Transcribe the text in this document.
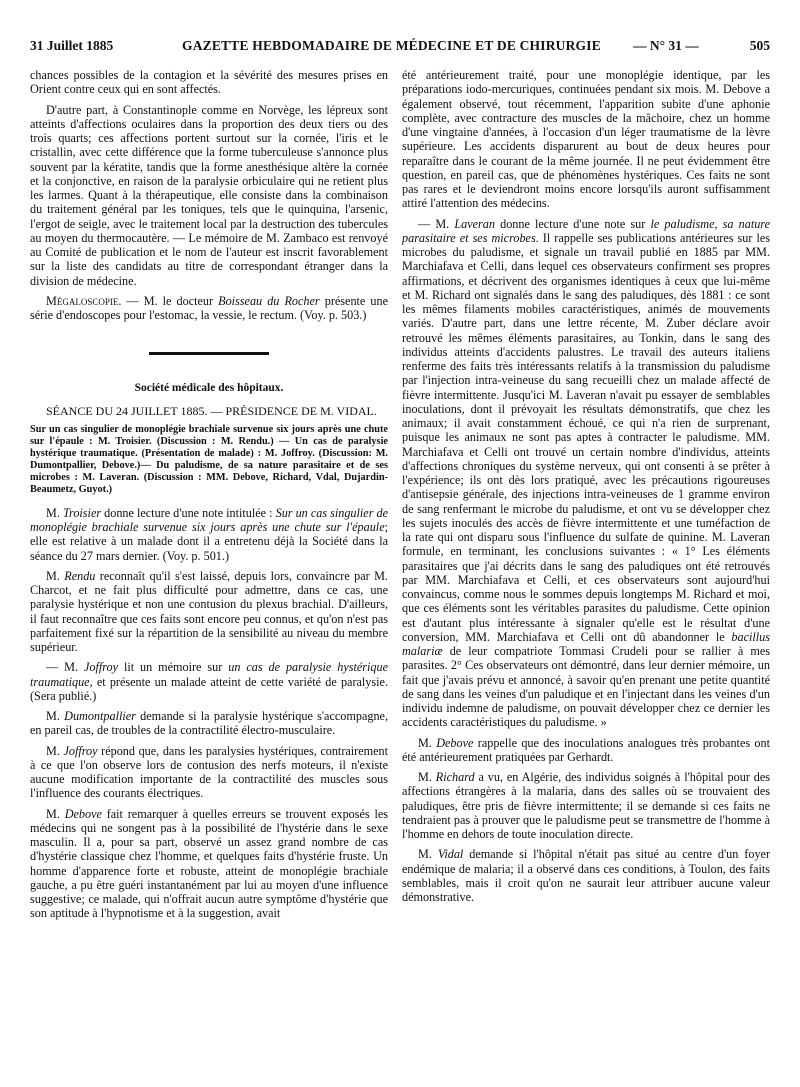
31 Juillet 1885	GAZETTE HEBDOMADAIRE DE MÉDECINE ET DE CHIRURGIE — N° 31 —	505

chances possibles de la contagion et la sévérité des mesures prises en Orient contre ceux qui en sont affectés.

D'autre part, à Constantinople comme en Norvège, les lépreux sont atteints d'affections oculaires dans la proportion des deux tiers ou des trois quarts; ces affections portent surtout sur la cornée, l'iris et le cristallin, avec cette différence que la forme tuberculeuse s'annonce plus souvent par la kératite, tandis que la forme anesthésique altère la cornée et la conjonctive, en raison de la paralysie orbiculaire qui ne retient plus les larmes. Quant à la thérapeutique, elle consiste dans la combinaison du traitement général par les toniques, tels que le quinquina, l'arsenic, l'ergot de seigle, avec le traitement local par la destruction des tubercules au moyen du thermocautère. — Le mémoire de M. Zambaco est renvoyé au Comité de publication et le nom de l'auteur est inscrit favorablement sur la liste des candidats au titre de correspondant étranger dans la division de médecine.

Mégaloscopie. — M. le docteur Boisseau du Rocher présente une série d'endoscopes pour l'estomac, la vessie, le rectum. (Voy. p. 503.)

Société médicale des hôpitaux.

SÉANCE DU 24 JUILLET 1885. — PRÉSIDENCE DE M. VIDAL.

Sur un cas singulier de monoplégie brachiale survenue six jours après une chute sur l'épaule : M. Troisier. (Discussion : M. Rendu.) — Un cas de paralysie hystérique traumatique. (Présentation de malade) : M. Joffroy. (Discussion: M. Dumontpallier, Debove.)— Du paludisme, de sa nature parasitaire et de ses microbes : M. Laveran. (Discussion : MM. Debove, Richard, Vdal, Dujardin-Beaumetz, Guyot.)

M. Troisier donne lecture d'une note intitulée : Sur un cas singulier de monoplégie brachiale survenue six jours après une chute sur l'épaule; elle est relative à un malade dont il a entretenu déjà la Société dans la séance du 27 mars dernier. (Voy. p. 501.)

M. Rendu reconnaît qu'il s'est laissé, depuis lors, convaincre par M. Charcot, et ne fait plus difficulté pour admettre, dans ce cas, une paralysie hystérique et non une contusion du plexus brachial. D'ailleurs, il faut reconnaître que ces faits sont encore peu connus, et qu'on n'est pas parfaitement fixé sur la répartition de la sensibilité au niveau du membre supérieur.

— M. Joffroy lit un mémoire sur un cas de paralysie hystérique traumatique, et présente un malade atteint de cette variété de paralysie. (Sera publié.)

M. Dumontpallier demande si la paralysie hystérique s'accompagne, en pareil cas, de troubles de la contractilité électro-musculaire.

M. Joffroy répond que, dans les paralysies hystériques, contrairement à ce que l'on observe lors de contusion des nerfs moteurs, il n'existe aucune modification importante de la contractilité des muscles sous l'influence des courants électriques.

M. Debove fait remarquer à quelles erreurs se trouvent exposés les médecins qui ne songent pas à la possibilité de l'hystérie dans le sexe masculin. Il a, pour sa part, observé un assez grand nombre de cas d'hystérie classique chez l'homme, et quelques faits d'hystérie fruste. Un homme d'apparence forte et robuste, atteint de monoplégie brachiale gauche, a pu être guéri instantanément par lui au moyen d'une influence suggestive; ce malade, qui n'offrait aucun autre symptôme d'hystérie que son aptitude à l'hypnotisme et à la suggestion, avait

été antérieurement traité, pour une monoplégie identique, par les préparations iodo-mercuriques, continuées pendant six mois. M. Debove a également observé, tout récemment, l'apparition subite d'une aphonie complète, avec contracture des muscles de la mâchoire, chez un homme d'une vingtaine d'années, à l'occasion d'un léger traumatisme de la lèvre supérieure. Les accidents disparurent au bout de deux heures pour reparaître dans le courant de la même journée. Il ne peut évidemment être question, en pareil cas, que de phénomènes hystériques. Ces faits ne sont pas rares et le deviendront moins encore lorsqu'ils auront suffisamment attiré l'attention des médecins.

— M. Laveran donne lecture d'une note sur le paludisme, sa nature parasitaire et ses microbes. Il rappelle ses publications antérieures sur les microbes du paludisme, et signale un travail publié en 1885 par MM. Marchiafava et Celli, dans lequel ces observateurs confirment ses propres affirmations, et décrivent des organismes identiques à ceux que lui-même et M. Richard ont signalés dans le sang des paludiques, dès 1881 : ce sont les mêmes filaments mobiles caractéristiques, animés de mouvements variés. D'autre part, dans une lettre récente, M. Zuber déclare avoir retrouvé les mêmes éléments parasitaires, au Tonkin, dans le sang des individus atteints d'accidents palustres. Le travail des auteurs italiens renferme des faits très intéressants relatifs à la transmission du paludisme par l'injection intra-veineuse du sang recueilli chez un malade affecté de fièvre intermittente. Jusqu'ici M. Laveran n'avait pu essayer de semblables inoculations, dont il prévoyait les résultats démonstratifs, que chez les animaux; il avait constamment échoué, ce qui n'a rien de surprenant, puisque les animaux ne sont pas aptes à contracter le paludisme. MM. Marchiafava et Celli ont trouvé un certain nombre d'individus, atteints d'affections chroniques du système nerveux, qui ont consenti à se prêter à l'expérience; ils ont dès lors pratiqué, avec les précautions rigoureuses d'antisepsie générale, des injections intra-veineuses de 1 gramme environ de sang renfermant le microbe du paludisme, et ont vu se développer chez les sujets inoculés des accès de fièvre intermittente et une tuméfaction de la rate qui ont disparu sous l'influence du sulfate de quinine. M. Laveran formule, en terminant, les conclusions suivantes : « 1° Les éléments parasitaires que j'ai décrits dans le sang des paludiques ont été retrouvés par MM. Marchiafava et Celli, et ces observateurs sont aujourd'hui convaincus, comme nous le sommes depuis longtemps M. Richard et moi, que ces éléments sont les véritables parasites du paludisme. Cette opinion est d'autant plus intéressante à signaler qu'elle est le résultat d'une conversion, MM. Marchiafava et Celli ont dû abandonner le bacillus malariæ de leur compatriote Tommasi Crudeli pour se rallier à mes parasites. 2° Ces observateurs ont démontré, dans leur dernier mémoire, un fait que j'avais prévu et annoncé, à savoir qu'en prenant une petite quantité de sang dans les veines d'un paludique et en l'injectant dans les veines d'un individu indemne de paludisme, on pouvait développer chez ce dernier les accidents caractéristiques du paludisme. »

M. Debove rappelle que des inoculations analogues très probantes ont été antérieurement pratiquées par Gerhardt.

M. Richard a vu, en Algérie, des individus soignés à l'hôpital pour des affections étrangères à la malaria, dans des salles où se trouvaient des paludiques, être pris de fièvre intermittente; il se demande si ces faits ne tendraient pas à prouver que le paludisme peut se transmettre de l'homme à l'homme en dehors de toute inoculation directe.

M. Vidal demande si l'hôpital n'était pas situé au centre d'un foyer endémique de malaria; il a observé dans ces conditions, à Toulon, des faits semblables, mais il croit qu'on ne saurait leur attribuer aucune valeur démonstrative.
